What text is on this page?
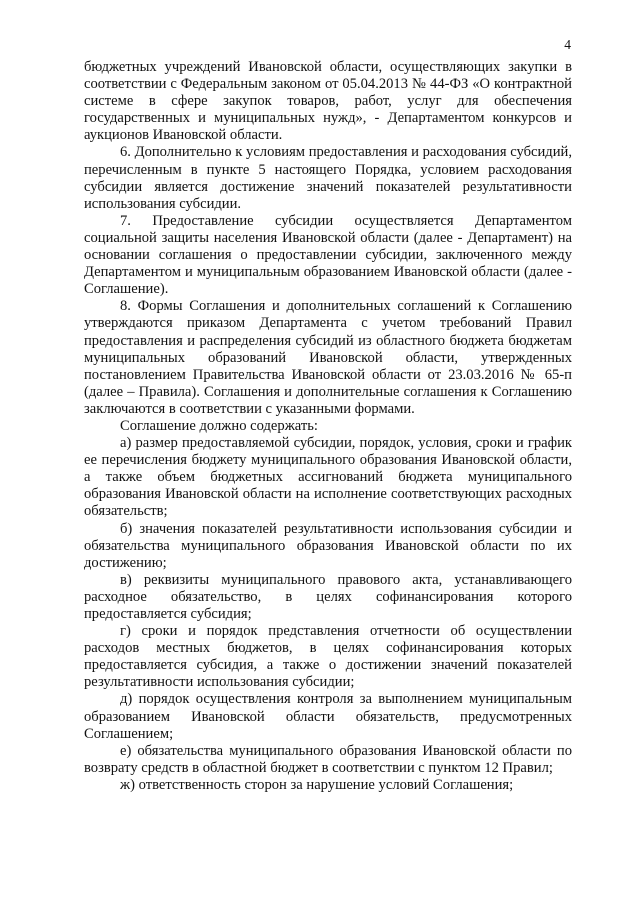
4

бюджетных учреждений Ивановской области, осуществляющих закупки в соответствии с Федеральным законом от 05.04.2013 № 44-ФЗ «О контрактной системе в сфере закупок товаров, работ, услуг для обеспечения государственных и муниципальных нужд», - Департаментом конкурсов и аукционов Ивановской области.

6. Дополнительно к условиям предоставления и расходования субсидий, перечисленным в пункте 5 настоящего Порядка, условием расходования субсидии является достижение значений показателей результативности использования субсидии.

7. Предоставление субсидии осуществляется Департаментом социальной защиты населения Ивановской области (далее - Департамент) на основании соглашения о предоставлении субсидии, заключенного между Департаментом и муниципальным образованием Ивановской области (далее - Соглашение).

8. Формы Соглашения и дополнительных соглашений к Соглашению утверждаются приказом Департамента с учетом требований Правил предоставления и распределения субсидий из областного бюджета бюджетам муниципальных образований Ивановской области, утвержденных постановлением Правительства Ивановской области от 23.03.2016 № 65-п (далее – Правила). Соглашения и дополнительные соглашения к Соглашению заключаются в соответствии с указанными формами.

Соглашение должно содержать:

а) размер предоставляемой субсидии, порядок, условия, сроки и график ее перечисления бюджету муниципального образования Ивановской области, а также объем бюджетных ассигнований бюджета муниципального образования Ивановской области на исполнение соответствующих расходных обязательств;

б) значения показателей результативности использования субсидии и обязательства муниципального образования Ивановской области по их достижению;

в) реквизиты муниципального правового акта, устанавливающего расходное обязательство, в целях софинансирования которого предоставляется субсидия;

г) сроки и порядок представления отчетности об осуществлении расходов местных бюджетов, в целях софинансирования которых предоставляется субсидия, а также о достижении значений показателей результативности использования субсидии;

д) порядок осуществления контроля за выполнением муниципальным образованием Ивановской области обязательств, предусмотренных Соглашением;

е) обязательства муниципального образования Ивановской области по возврату средств в областной бюджет в соответствии с пунктом 12 Правил;

ж) ответственность сторон за нарушение условий Соглашения;
